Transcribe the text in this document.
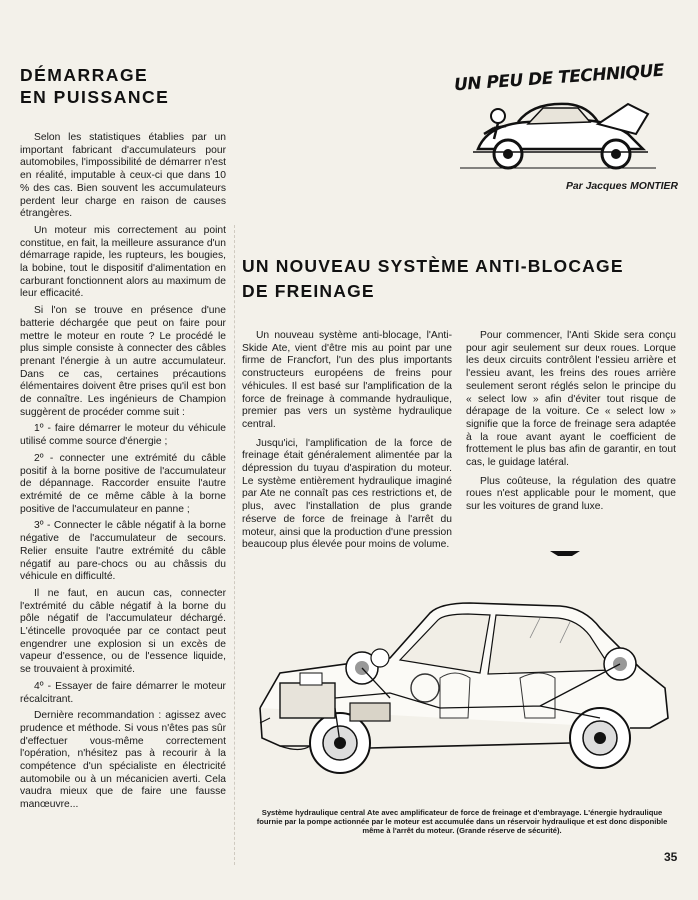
DÉMARRAGE
EN PUISSANCE

Selon les statistiques établies par un important fabricant d'accumulateurs pour automobiles, l'impossibilité de démarrer n'est en réalité, imputable à ceux-ci que dans 10 % des cas. Bien souvent les accumulateurs perdent leur charge en raison de causes étrangères.

Un moteur mis correctement au point constitue, en fait, la meilleure assurance d'un démarrage rapide, les rupteurs, les bougies, la bobine, tout le dispositif d'alimentation en carburant fonctionnent alors au maximum de leur efficacité.

Si l'on se trouve en présence d'une batterie déchargée que peut on faire pour mettre le moteur en route ? Le procédé le plus simple consiste à connecter des câbles prenant l'énergie à un autre accumulateur. Dans ce cas, certaines précautions élémentaires doivent être prises qu'il est bon de connaître. Les ingénieurs de Champion suggèrent de procéder comme suit :

1º - faire démarrer le moteur du véhicule utilisé comme source d'énergie ;

2º - connecter une extrémité du câble positif à la borne positive de l'accumulateur de dépannage. Raccorder ensuite l'autre extrémité de ce même câble à la borne positive de l'accumulateur en panne ;

3º - Connecter le câble négatif à la borne négative de l'accumulateur de secours. Relier ensuite l'autre extrémité du câble négatif au pare-chocs ou au châssis du véhicule en difficulté.

Il ne faut, en aucun cas, connecter l'extrémité du câble négatif à la borne du pôle négatif de l'accumulateur déchargé. L'étincelle provoquée par ce contact peut engendrer une explosion si un excès de vapeur d'essence, ou de l'essence liquide, se trouvaient à proximité.

4º - Essayer de faire démarrer le moteur récalcitrant.

Dernière recommandation : agissez avec prudence et méthode. Si vous n'êtes pas sûr d'effectuer vous-même correctement l'opération, n'hésitez pas à recourir à la compétence d'un spécialiste en électricité automobile ou à un mécanicien averti. Cela vaudra mieux que de faire une fausse manœuvre...

UN PEU DE TECHNIQUE
Par Jacques MONTIER
UN NOUVEAU SYSTÈME ANTI-BLOCAGE
DE FREINAGE

Un nouveau système anti-blocage, l'Anti-Skide Ate, vient d'être mis au point par une firme de Francfort, l'un des plus importants constructeurs européens de freins pour véhicules. Il est basé sur l'amplification de la force de freinage à commande hydraulique, premier pas vers un système hydraulique central.

Jusqu'ici, l'amplification de la force de freinage était généralement alimentée par la dépression du tuyau d'aspiration du moteur. Le système entièrement hydraulique imaginé par Ate ne connaît pas ces restrictions et, de plus, avec l'installation de plus grande réserve de force de freinage à l'arrêt du moteur, ainsi que la production d'une pression beaucoup plus élevée pour moins de volume.

Pour commencer, l'Anti Skide sera conçu pour agir seulement sur deux roues. Lorque les deux circuits contrôlent l'essieu arrière et l'essieu avant, les freins des roues arrière seulement seront réglés selon le principe du « select low » afin d'éviter tout risque de dérapage de la voiture. Ce « select low » signifie que la force de freinage sera adaptée à la roue avant ayant le coefficient de frottement le plus bas afin de garantir, en tout cas, le guidage latéral.

Plus coûteuse, la régulation des quatre roues n'est applicable pour le moment, que sur les voitures de grand luxe.

Système hydraulique central Ate avec amplificateur de force de freinage et d'embrayage. L'énergie hydraulique fournie par la pompe actionnée par le moteur est accumulée dans un réservoir hydraulique et est donc disponible même à l'arrêt du moteur. (Grande réserve de sécurité).
35
